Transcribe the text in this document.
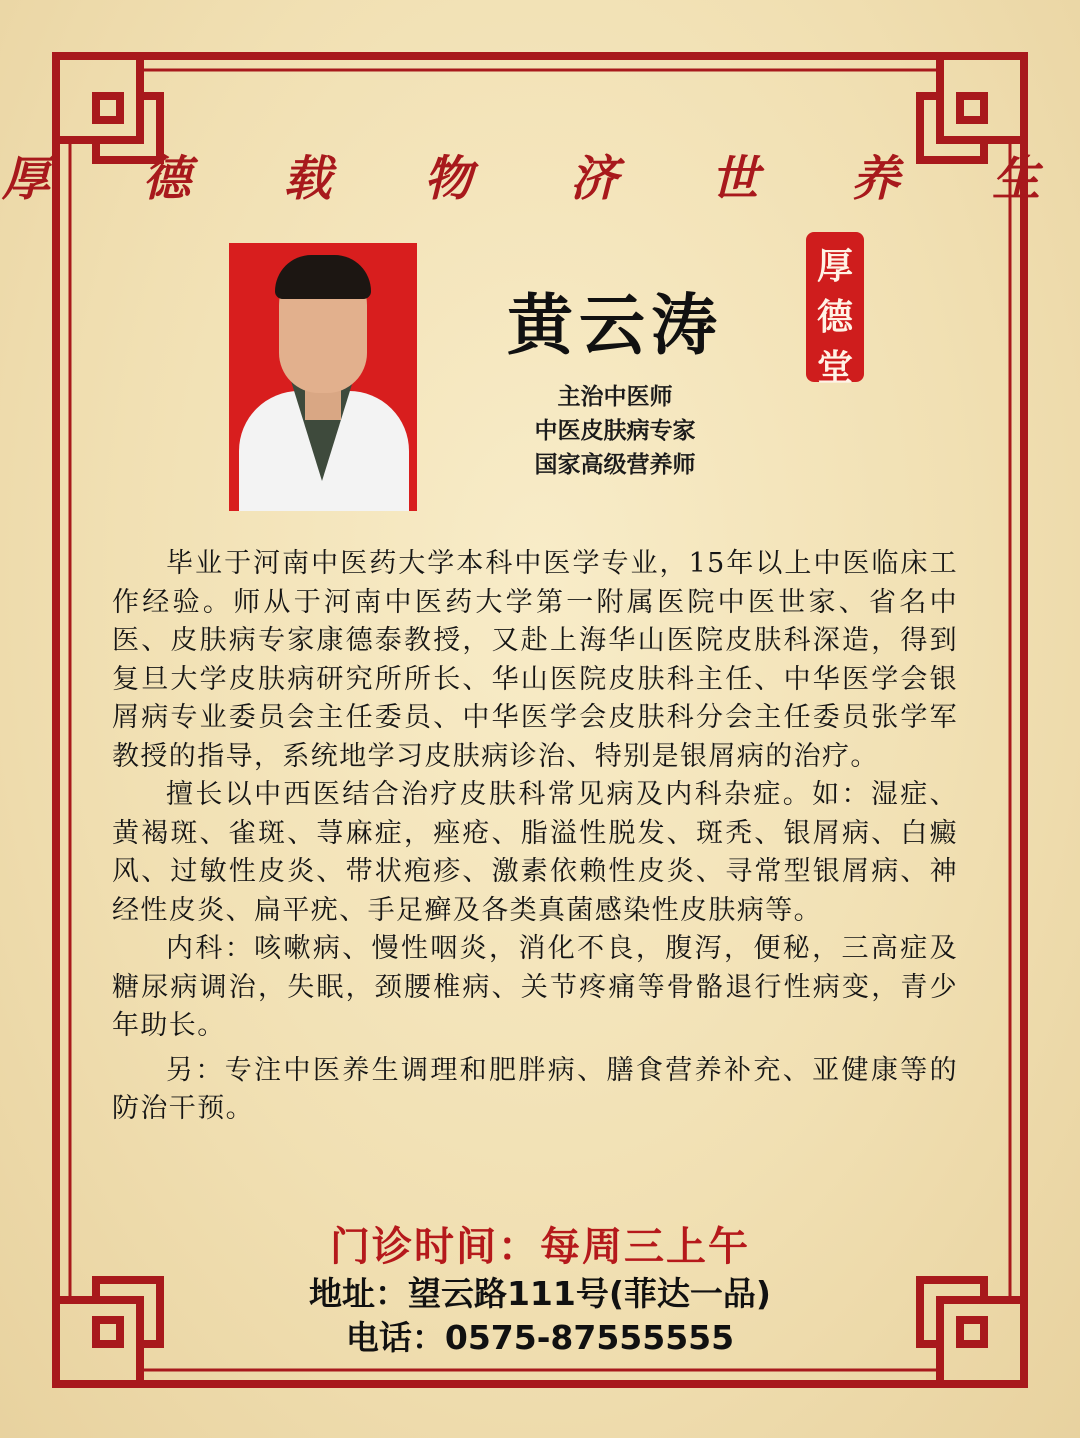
厚 德 载 物 济 世 养 生
黄云涛
厚
德
堂
主治中医师
中医皮肤病专家
国家高级营养师

毕业于河南中医药大学本科中医学专业，15年以上中医临床工作经验。师从于河南中医药大学第一附属医院中医世家、省名中医、皮肤病专家康德泰教授，又赴上海华山医院皮肤科深造，得到复旦大学皮肤病研究所所长、华山医院皮肤科主任、中华医学会银屑病专业委员会主任委员、中华医学会皮肤科分会主任委员张学军教授的指导，系统地学习皮肤病诊治、特别是银屑病的治疗。

擅长以中西医结合治疗皮肤科常见病及内科杂症。如：湿症、黄褐斑、雀斑、荨麻症，痤疮、脂溢性脱发、斑秃、银屑病、白癜风、过敏性皮炎、带状疱疹、激素依赖性皮炎、寻常型银屑病、神经性皮炎、扁平疣、手足癣及各类真菌感染性皮肤病等。

内科：咳嗽病、慢性咽炎，消化不良，腹泻，便秘，三高症及糖尿病调治，失眠，颈腰椎病、关节疼痛等骨骼退行性病变，青少年助长。

另：专注中医养生调理和肥胖病、膳食营养补充、亚健康等的防治干预。

门诊时间：每周三上午
地址：望云路111号(菲达一品)
电话：0575-87555555
